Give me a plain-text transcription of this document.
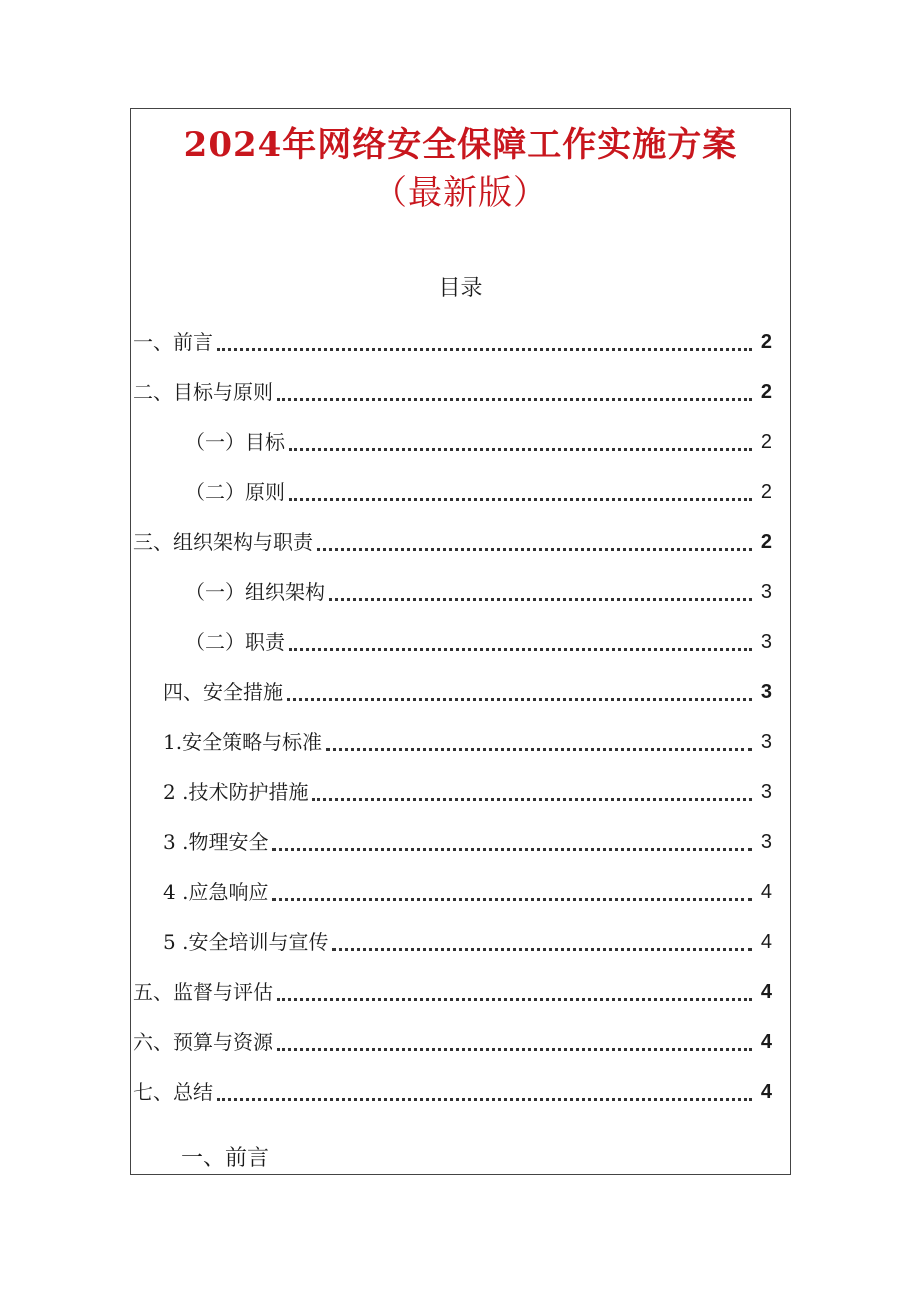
2024年网络安全保障工作实施方案
（最新版）
目录
一、前言	2
二、目标与原则	2
（一）目标	2
（二）原则	2
三、组织架构与职责	2
（一）组织架构	3
（二）职责	3
四、安全措施	3
1.安全策略与标准	3
2 .技术防护措施	3
3 .物理安全	3
4 .应急响应	4
5 .安全培训与宣传	4
五、监督与评估	4
六、预算与资源	4
七、总结	4
一、前言
